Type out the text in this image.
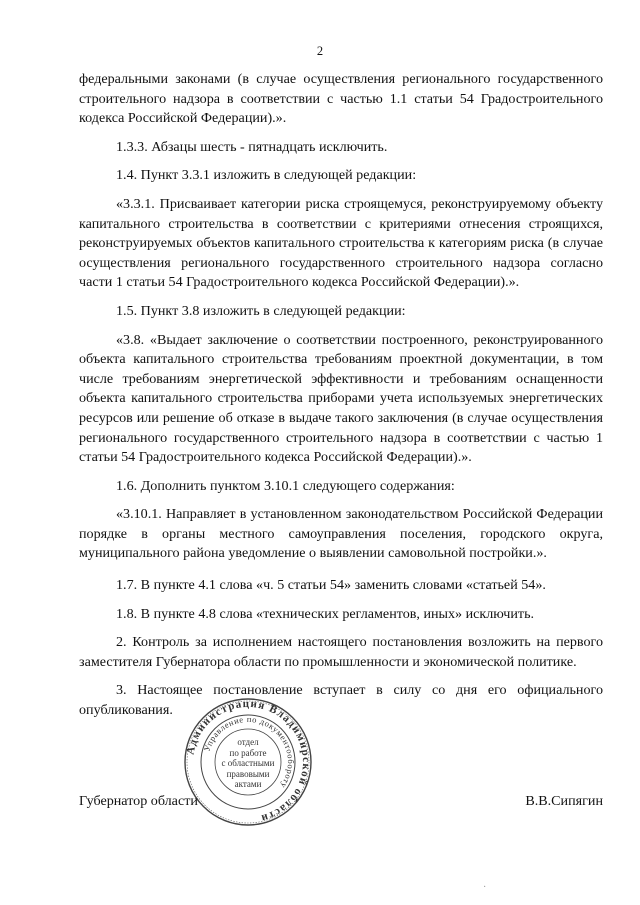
2

федеральными законами (в случае осуществления регионального государственного строительного надзора в соответствии с частью 1.1 статьи 54 Градостроительного кодекса Российской Федерации).».

1.3.3. Абзацы шесть - пятнадцать исключить.

1.4. Пункт 3.3.1 изложить в следующей редакции:

«3.3.1. Присваивает категории риска строящемуся, реконструируемому объекту капитального строительства в соответствии с критериями отнесения строящихся, реконструируемых объектов капитального строительства к категориям риска (в случае осуществления регионального государственного строительного надзора согласно части 1 статьи 54 Градостроительного кодекса Российской Федерации).».

1.5. Пункт 3.8 изложить в следующей редакции:

«3.8. «Выдает заключение о соответствии построенного, реконструированного объекта капитального строительства требованиям проектной документации, в том числе требованиям энергетической эффективности и требованиям оснащенности объекта капитального строительства приборами учета используемых энергетических ресурсов или решение об отказе в выдаче такого заключения (в случае осуществления регионального государственного строительного надзора в соответствии с частью 1 статьи 54 Градостроительного кодекса Российской Федерации).».

1.6. Дополнить пунктом 3.10.1 следующего содержания:

«3.10.1. Направляет в установленном законодательством Российской Федерации порядке в органы местного самоуправления поселения, городского округа, муниципального района уведомление о выявлении самовольной постройки.».

1.7. В пункте 4.1 слова «ч. 5 статьи 54» заменить словами «статьей 54».

1.8. В пункте 4.8 слова «технических регламентов, иных» исключить.

2. Контроль за исполнением настоящего постановления возложить на первого заместителя Губернатора области по промышленности и экономической политике.

3. Настоящее постановление вступает в силу со дня его официального опубликования.

Администрация Владимирской области
Управление по документообороту
отдел
по работе
с областными
правовыми
актами
Губернатор области	В.В.Сипягин
·
